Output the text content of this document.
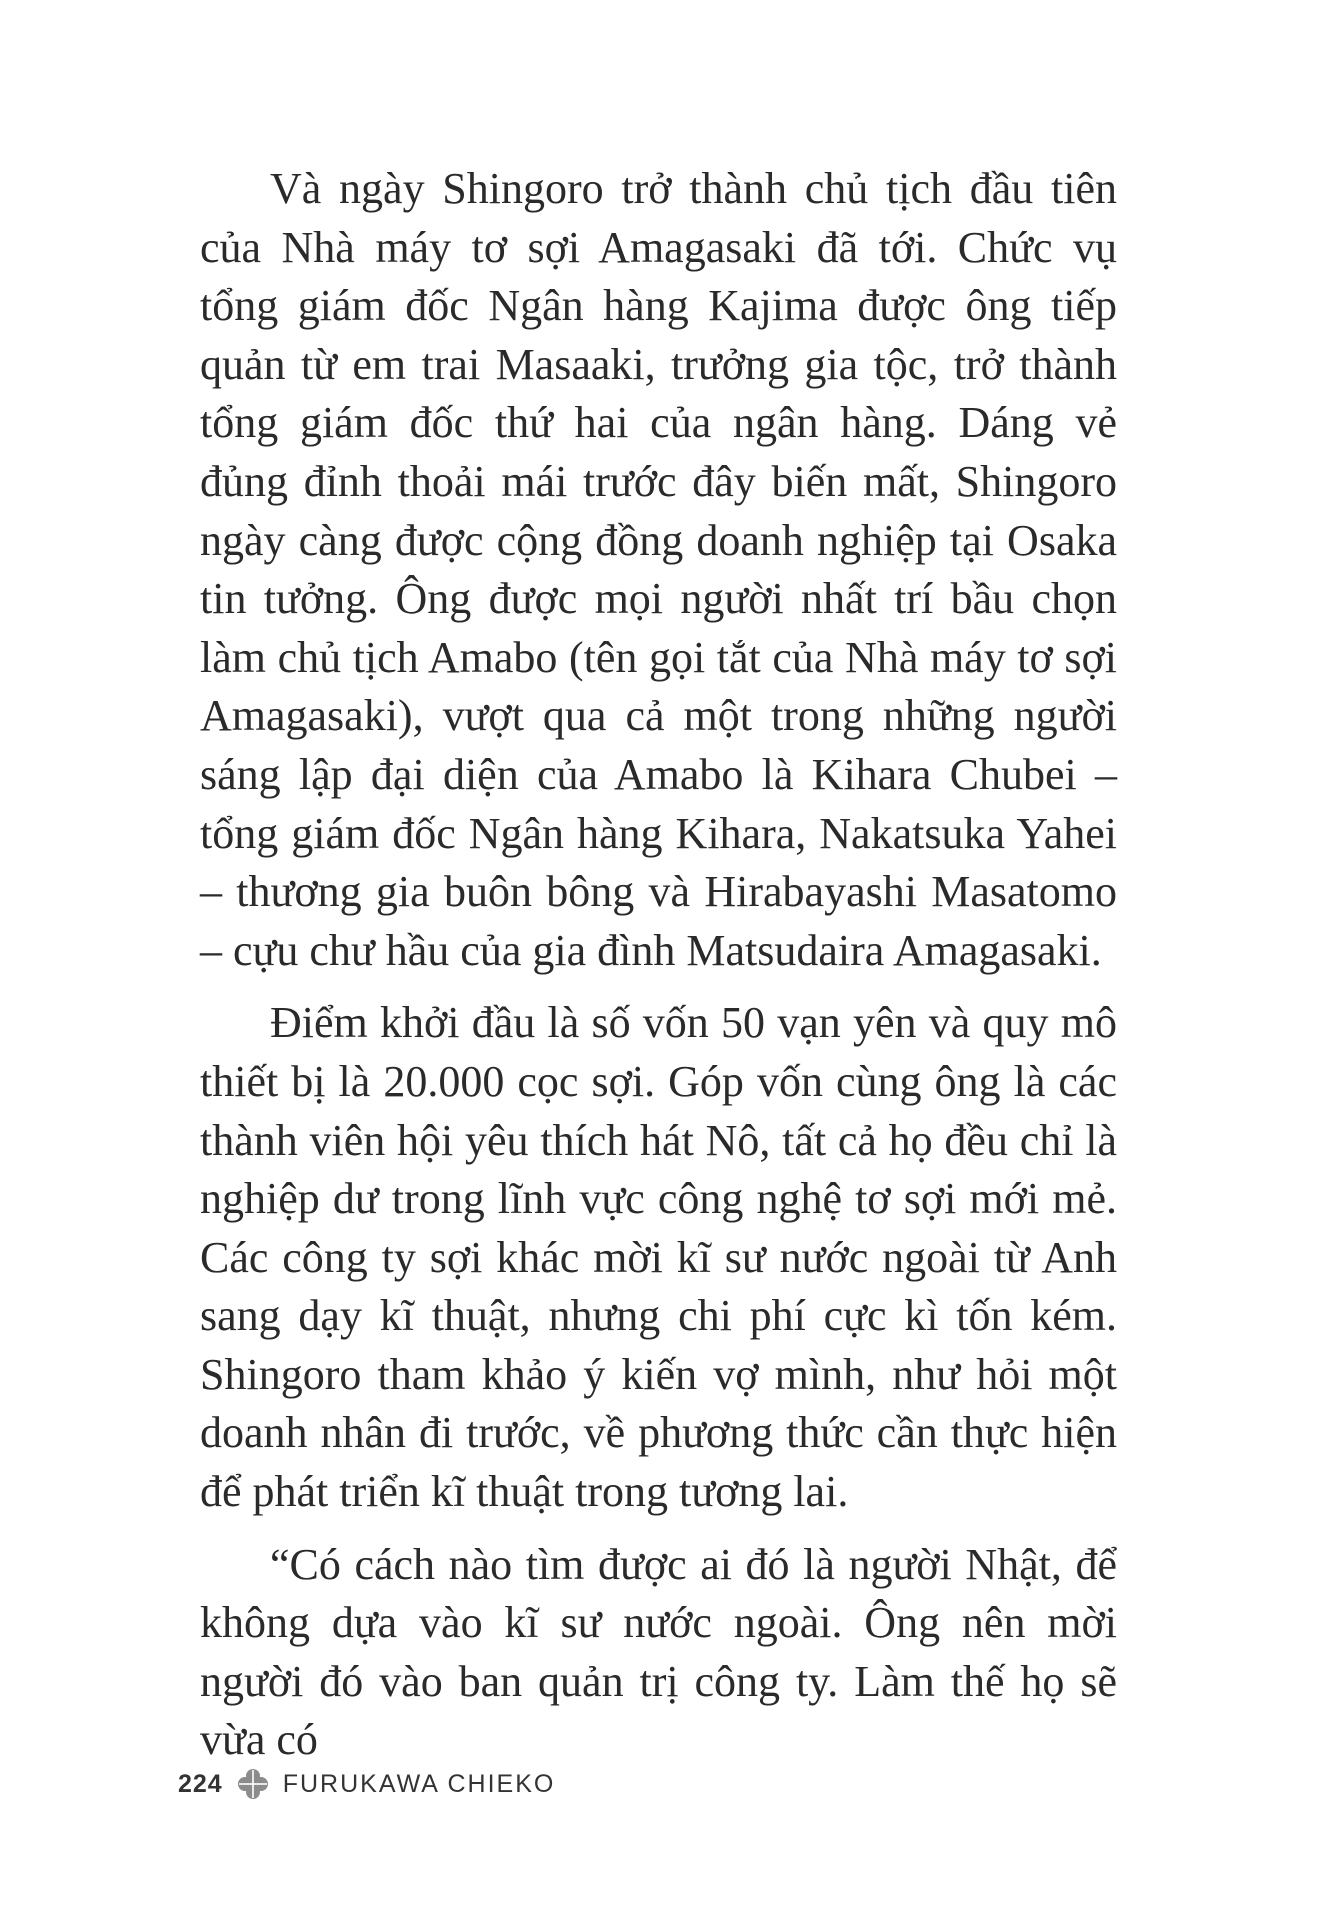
Và ngày Shingoro trở thành chủ tịch đầu tiên của Nhà máy tơ sợi Amagasaki đã tới. Chức vụ tổng giám đốc Ngân hàng Kajima được ông tiếp quản từ em trai Masaaki, trưởng gia tộc, trở thành tổng giám đốc thứ hai của ngân hàng. Dáng vẻ đủng đỉnh thoải mái trước đây biến mất, Shingoro ngày càng được cộng đồng doanh nghiệp tại Osaka tin tưởng. Ông được mọi người nhất trí bầu chọn làm chủ tịch Amabo (tên gọi tắt của Nhà máy tơ sợi Amagasaki), vượt qua cả một trong những người sáng lập đại diện của Amabo là Kihara Chubei – tổng giám đốc Ngân hàng Kihara, Nakatsuka Yahei – thương gia buôn bông và Hirabayashi Masatomo – cựu chư hầu của gia đình Matsudaira Amagasaki.

Điểm khởi đầu là số vốn 50 vạn yên và quy mô thiết bị là 20.000 cọc sợi. Góp vốn cùng ông là các thành viên hội yêu thích hát Nô, tất cả họ đều chỉ là nghiệp dư trong lĩnh vực công nghệ tơ sợi mới mẻ. Các công ty sợi khác mời kĩ sư nước ngoài từ Anh sang dạy kĩ thuật, nhưng chi phí cực kì tốn kém. Shingoro tham khảo ý kiến vợ mình, như hỏi một doanh nhân đi trước, về phương thức cần thực hiện để phát triển kĩ thuật trong tương lai.

“Có cách nào tìm được ai đó là người Nhật, để không dựa vào kĩ sư nước ngoài. Ông nên mời người đó vào ban quản trị công ty. Làm thế họ sẽ vừa có

224 FURUKAWA CHIEKO
